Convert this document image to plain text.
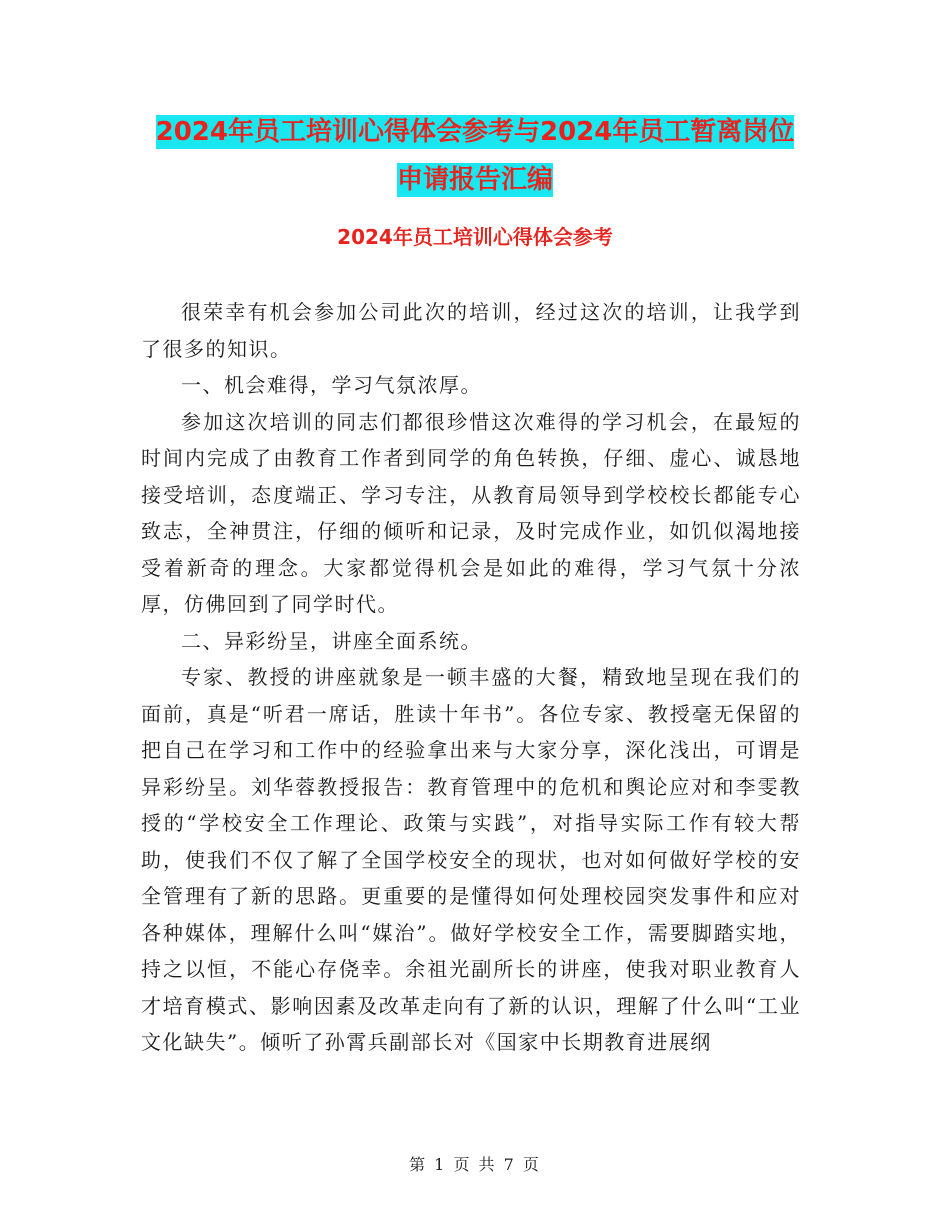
2024年员工培训心得体会参考与2024年员工暂离岗位
申请报告汇编
2024年员工培训心得体会参考

很荣幸有机会参加公司此次的培训，经过这次的培训，让我学到了很多的知识。

一、机会难得，学习气氛浓厚。

参加这次培训的同志们都很珍惜这次难得的学习机会，在最短的时间内完成了由教育工作者到同学的角色转换，仔细、虚心、诚恳地接受培训，态度端正、学习专注，从教育局领导到学校校长都能专心致志，全神贯注，仔细的倾听和记录，及时完成作业，如饥似渴地接受着新奇的理念。大家都觉得机会是如此的难得，学习气氛十分浓厚，仿佛回到了同学时代。

二、异彩纷呈，讲座全面系统。

专家、教授的讲座就象是一顿丰盛的大餐，精致地呈现在我们的面前，真是“听君一席话，胜读十年书”。各位专家、教授毫无保留的把自己在学习和工作中的经验拿出来与大家分享，深化浅出，可谓是异彩纷呈。刘华蓉教授报告：教育管理中的危机和舆论应对和李雯教授的“学校安全工作理论、政策与实践”，对指导实际工作有较大帮助，使我们不仅了解了全国学校安全的现状，也对如何做好学校的安全管理有了新的思路。更重要的是懂得如何处理校园突发事件和应对各种媒体，理解什么叫“媒治”。做好学校安全工作，需要脚踏实地，持之以恒，不能心存侥幸。余祖光副所长的讲座，使我对职业教育人才培育模式、影响因素及改革走向有了新的认识，理解了什么叫“工业文化缺失”。倾听了孙霄兵副部长对《国家中长期教育进展纲

第 1 页 共 7 页
